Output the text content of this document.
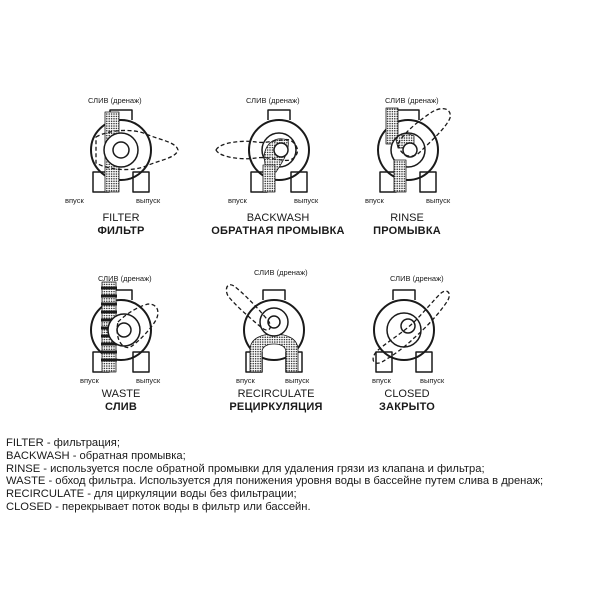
СЛИВ (дренаж)	СЛИВ (дренаж)	СЛИВ (дренаж)
СЛИВ (дренаж)
СЛИВ (дренаж)
СЛИВ (дренаж)
впуск	выпуск	впуск	выпуск	впуск	выпуск
впуск	выпуск	впуск	выпуск	впуск	выпуск
FILTER
ФИЛЬТР
BACKWASH
ОБРАТНАЯ ПРОМЫВКА
RINSE
ПРОМЫВКА
WASTE
СЛИВ
RECIRCULATE
РЕЦИРКУЛЯЦИЯ
CLOSED
ЗАКРЫТО
FILTER - фильтрация;
BACKWASH - обратная промывка;
RINSE - используется после обратной промывки для удаления грязи из клапана и фильтра;
WASTE - обход фильтра. Используется для понижения уровня воды в бассейне путем слива в дренаж;
RECIRCULATE - для циркуляции воды без фильтрации;
CLOSED - перекрывает поток воды в фильтр или бассейн.
